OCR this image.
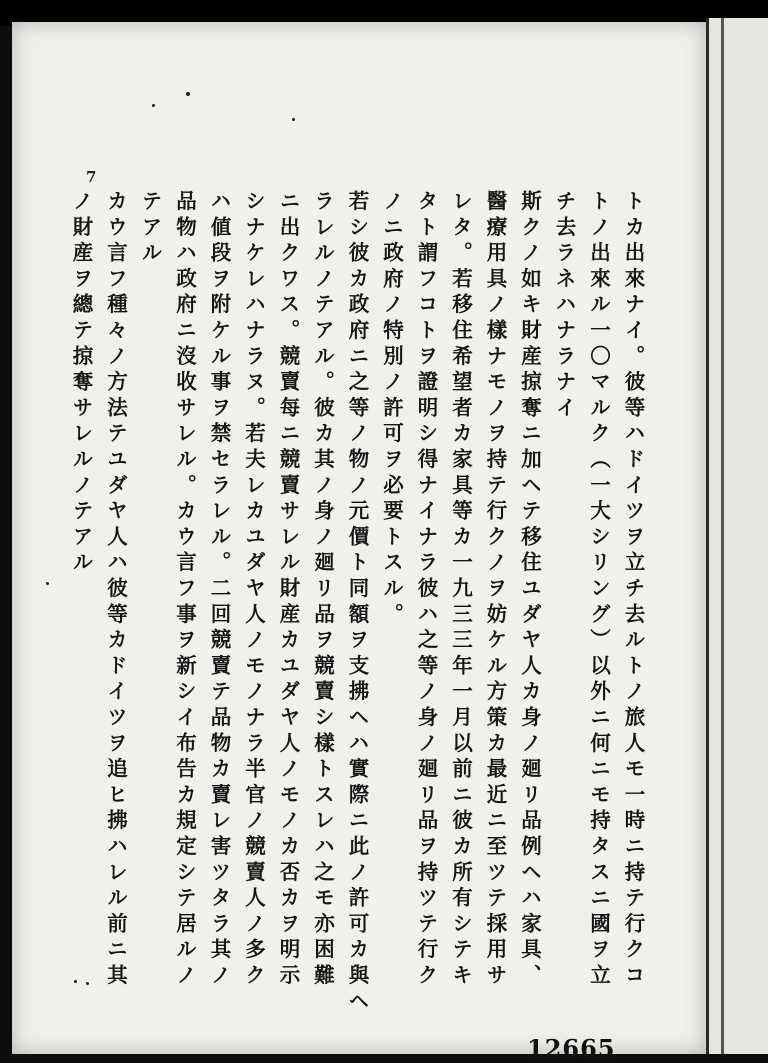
7
トカ出來ナイ。彼等ハドイツヲ立チ去ルトノ旅人モ一時ニ持テ行クコ
トノ出來ル一〇マルク（一大シリング）以外ニ何ニモ持タスニ國ヲ立
チ去ラネハナラナイ
斯クノ如キ財産掠奪ニ加ヘテ移住ユダヤ人カ身ノ廻リ品例ヘハ家具、
醫療用具ノ樣ナモノヲ持テ行クノヲ妨ケル方策カ最近ニ至ツテ採用サ
レタ。若移住希望者カ家具等カ一九三三年一月以前ニ彼カ所有シテキ
タト謂フコトヲ證明シ得ナイナラ彼ハ之等ノ身ノ廻リ品ヲ持ツテ行ク
ノニ政府ノ特別ノ許可ヲ必要トスル。
若シ彼カ政府ニ之等ノ物ノ元價ト同額ヲ支拂ヘハ實際ニ此ノ許可カ與ヘ
ラレルノテアル。彼カ其ノ身ノ廻リ品ヲ競賣シ樣トスレハ之モ亦困難
ニ出クワス。競賣每ニ競賣サレル財産カユダヤ人ノモノカ否カヲ明示
シナケレハナラヌ。若夫レカユダヤ人ノモノナラ半官ノ競賣人ノ多ク
ハ値段ヲ附ケル事ヲ禁セラレル。二回競賣テ品物カ賣レ害ツタラ其ノ
品物ハ政府ニ沒收サレル。カウ言フ事ヲ新シイ布告カ規定シテ居ルノ
テアル
カウ言フ種々ノ方法テユダヤ人ハ彼等カドイツヲ追ヒ拂ハレル前ニ其
ノ財産ヲ總テ掠奪サレルノテアル
12665
